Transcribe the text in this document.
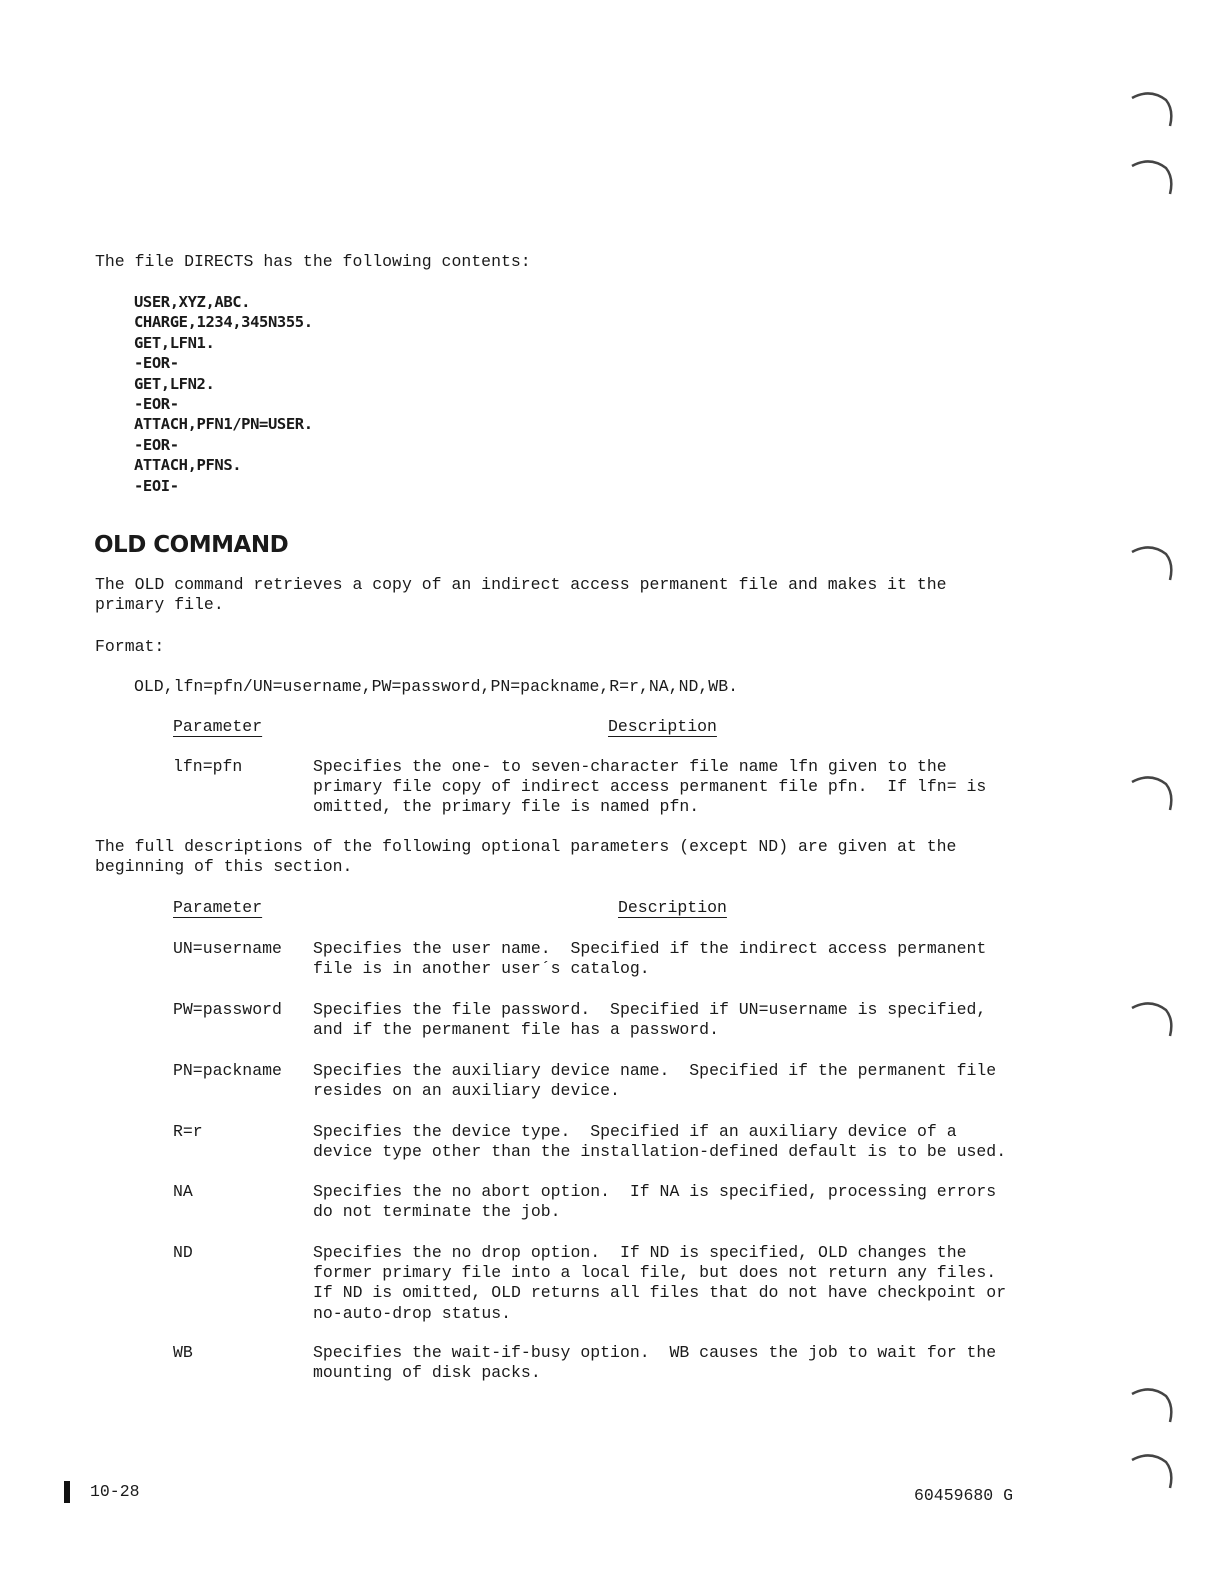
The file DIRECTS has the following contents:
USER,XYZ,ABC.
CHARGE,1234,345N355.
GET,LFN1.
-EOR-
GET,LFN2.
-EOR-
ATTACH,PFN1/PN=USER.
-EOR-
ATTACH,PFNS.
-EOI-
OLD COMMAND
The OLD command retrieves a copy of an indirect access permanent file and makes it the
primary file.
Format:
OLD,lfn=pfn/UN=username,PW=password,PN=packname,R=r,NA,ND,WB.
Parameter	Description
lfn=pfn	Specifies the one- to seven-character file name lfn given to the
primary file copy of indirect access permanent file pfn.  If lfn= is
omitted, the primary file is named pfn.
The full descriptions of the following optional parameters (except ND) are given at the
beginning of this section.
Parameter	Description
UN=username Specifies the user name.  Specified if the indirect access permanent
file is in another user´s catalog.
PW=password Specifies the file password.  Specified if UN=username is specified,
and if the permanent file has a password.
PN=packname Specifies the auxiliary device name.  Specified if the permanent file
resides on an auxiliary device.
R=r	Specifies the device type.  Specified if an auxiliary device of a
device type other than the installation-defined default is to be used.
NA	Specifies the no abort option.  If NA is specified, processing errors
do not terminate the job.
ND	Specifies the no drop option.  If ND is specified, OLD changes the
former primary file into a local file, but does not return any files.
If ND is omitted, OLD returns all files that do not have checkpoint or
no-auto-drop status.
WB	Specifies the wait-if-busy option.  WB causes the job to wait for the
mounting of disk packs.
10-28	60459680 G
